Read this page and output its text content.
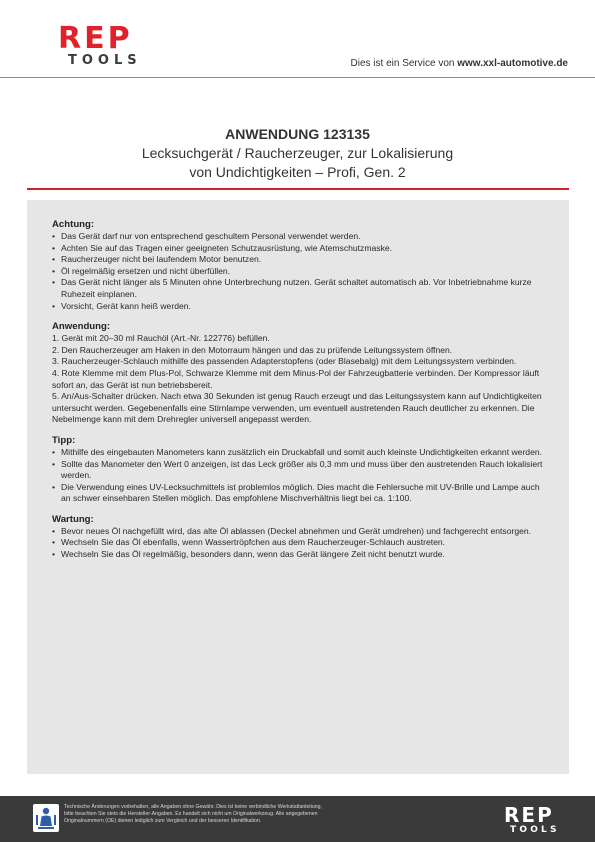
R E P
TOOLS	Dies ist ein Service von www.xxl-automotive.de
ANWENDUNG 123135
Lecksuchgerät / Raucherzeuger, zur Lokalisierung
von Undichtigkeiten – Profi, Gen. 2

Achtung:

• Das Gerät darf nur von entsprechend geschultem Personal verwendet werden.
• Achten Sie auf das Tragen einer geeigneten Schutzausrüstung, wie Atemschutzmaske.
• Raucherzeuger nicht bei laufendem Motor benutzen.
• Öl regelmäßig ersetzen und nicht überfüllen.
• Das Gerät nicht länger als 5 Minuten ohne Unterbrechung nutzen. Gerät schaltet automatisch ab. Vor Inbetriebnahme kurze Ruhezeit einplanen.
• Vorsicht, Gerät kann heiß werden.

Anwendung:

1. Gerät mit 20–30 ml Rauchöl (Art.-Nr. 122776) befüllen.
2. Den Raucherzeuger am Haken in den Motorraum hängen und das zu prüfende Leitungssystem öffnen.
3. Raucherzeuger-Schlauch mithilfe des passenden Adapterstopfens (oder Blasebalg) mit dem Leitungssystem verbinden.
4. Rote Klemme mit dem Plus-Pol, Schwarze Klemme mit dem Minus-Pol der Fahrzeugbatterie verbinden. Der Kompressor läuft sofort an, das Gerät ist nun betriebsbereit.
5. An/Aus-Schalter drücken. Nach etwa 30 Sekunden ist genug Rauch erzeugt und das Leitungssystem kann auf Undichtigkeiten untersucht werden. Gegebenenfalls eine Stirnlampe verwenden, um eventuell austretenden Rauch deutlicher zu erkennen. Die Nebelmenge kann mit dem Drehregler universell angepasst werden.

Tipp:

• Mithilfe des eingebauten Manometers kann zusätzlich ein Druckabfall und somit auch kleinste Undichtigkeiten erkannt werden.
• Sollte das Manometer den Wert 0 anzeigen, ist das Leck größer als 0,3 mm und muss über den austretenden Rauch lokalisiert werden.
• Die Verwendung eines UV-Lecksuchmittels ist problemlos möglich. Dies macht die Fehlersuche mit UV-Brille und Lampe auch an schwer einsehbaren Stellen möglich. Das empfohlene Mischverhältnis liegt bei ca. 1:100.

Wartung:

• Bevor neues Öl nachgefüllt wird, das alte Öl ablassen (Deckel abnehmen und Gerät umdrehen) und fachgerecht entsorgen.
• Wechseln Sie das Öl ebenfalls, wenn Wassertröpfchen aus dem Raucherzeuger-Schlauch austreten.
• Wechseln Sie das Öl regelmäßig, besonders dann, wenn das Gerät längere Zeit nicht benutzt wurde.
Technische Änderungen vorbehalten, alle Angaben ohne Gewähr. Dies ist keine verbindliche Werkstattanleitung, bitte beachten Sie stets die Hersteller-Angaben. Es handelt sich nicht um Originalwerkzeug. Alle angegebenen Originalnummern (OE) dienen lediglich zum Vergleich und der besseren Identifikation.	R E P
TOOLS
